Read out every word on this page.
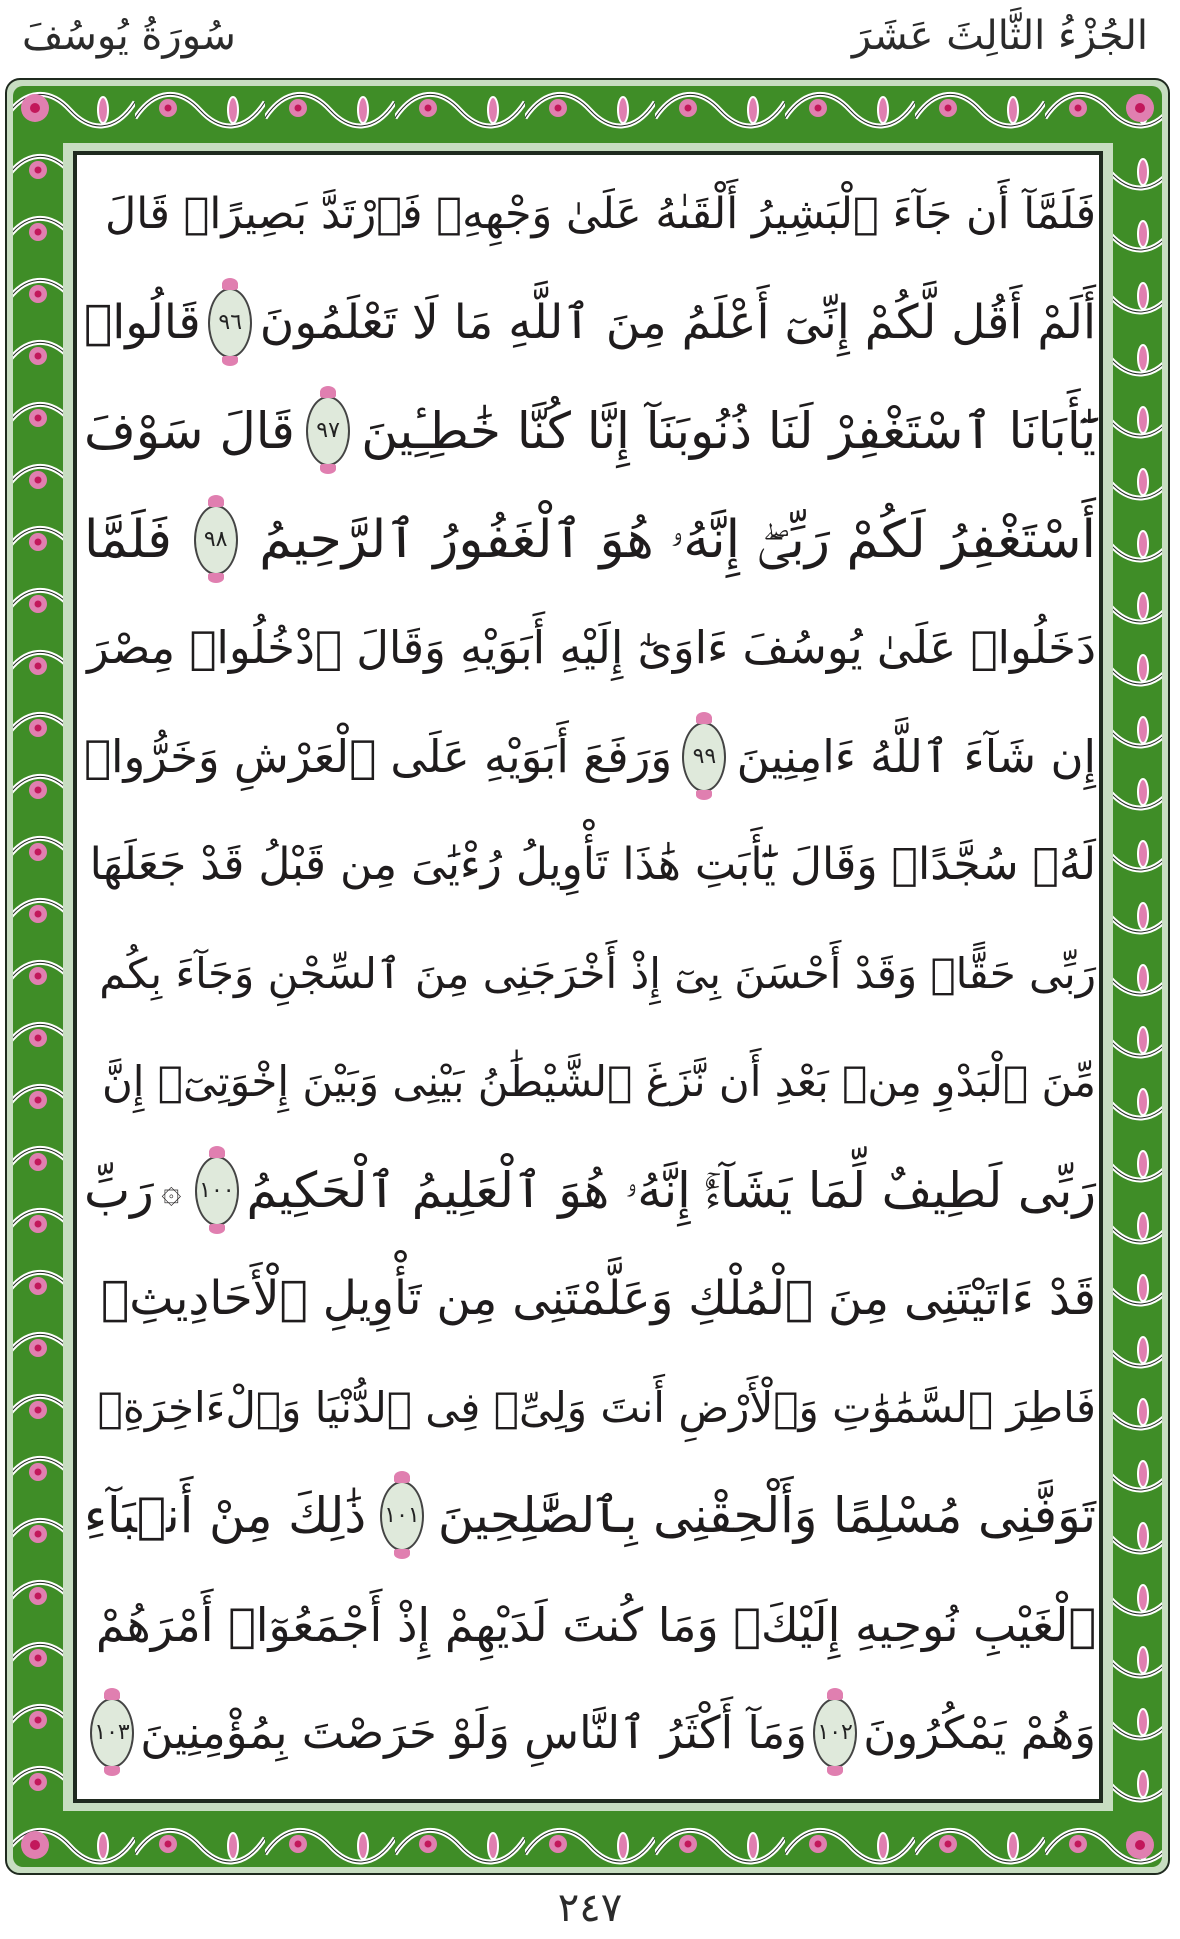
الجُزْءُ الثَّالِثَ عَشَرَ
سُورَةُ يُوسُفَ
فَلَمَّآ أَن جَآءَ ٱلْبَشِيرُ أَلْقَىٰهُ عَلَىٰ وَجْهِهِۦ فَٱرْتَدَّ بَصِيرًاۖ قَالَ
أَلَمْ أَقُل لَّكُمْ إِنِّىٓ أَعْلَمُ مِنَ ٱللَّهِ مَا لَا تَعْلَمُونَ
٩٦
قَالُوا۟
يَٰٓأَبَانَا ٱسْتَغْفِرْ لَنَا ذُنُوبَنَآ إِنَّا كُنَّا خَٰطِـِٔينَ
٩٧
قَالَ سَوْفَ
أَسْتَغْفِرُ لَكُمْ رَبِّىٓۖ إِنَّهُۥ هُوَ ٱلْغَفُورُ ٱلرَّحِيمُ
٩٨
فَلَمَّا
دَخَلُوا۟ عَلَىٰ يُوسُفَ ءَاوَىٰٓ إِلَيْهِ أَبَوَيْهِ وَقَالَ ٱدْخُلُوا۟ مِصْرَ
إِن شَآءَ ٱللَّهُ ءَامِنِينَ
٩٩
وَرَفَعَ أَبَوَيْهِ عَلَى ٱلْعَرْشِ وَخَرُّوا۟
لَهُۥ سُجَّدًاۖ وَقَالَ يَٰٓأَبَتِ هَٰذَا تَأْوِيلُ رُءْيَٰىَ مِن قَبْلُ قَدْ جَعَلَهَا
رَبِّى حَقًّاۖ وَقَدْ أَحْسَنَ بِىٓ إِذْ أَخْرَجَنِى مِنَ ٱلسِّجْنِ وَجَآءَ بِكُم
مِّنَ ٱلْبَدْوِ مِنۢ بَعْدِ أَن نَّزَغَ ٱلشَّيْطَٰنُ بَيْنِى وَبَيْنَ إِخْوَتِىٓۚ إِنَّ
رَبِّى لَطِيفٌ لِّمَا يَشَآءُۚ إِنَّهُۥ هُوَ ٱلْعَلِيمُ ٱلْحَكِيمُ
١٠٠
۞
رَبِّ
قَدْ ءَاتَيْتَنِى مِنَ ٱلْمُلْكِ وَعَلَّمْتَنِى مِن تَأْوِيلِ ٱلْأَحَادِيثِۚ
فَاطِرَ ٱلسَّمَٰوَٰتِ وَٱلْأَرْضِ أَنتَ وَلِىِّۦ فِى ٱلدُّنْيَا وَٱلْءَاخِرَةِۖ
تَوَفَّنِى مُسْلِمًا وَأَلْحِقْنِى بِٱلصَّٰلِحِينَ
١٠١
ذَٰلِكَ مِنْ أَنۢبَآءِ
ٱلْغَيْبِ نُوحِيهِ إِلَيْكَۖ وَمَا كُنتَ لَدَيْهِمْ إِذْ أَجْمَعُوٓا۟ أَمْرَهُمْ
وَهُمْ يَمْكُرُونَ
١٠٢
وَمَآ أَكْثَرُ ٱلنَّاسِ وَلَوْ حَرَصْتَ بِمُؤْمِنِينَ
١٠٣
٢٤٧
